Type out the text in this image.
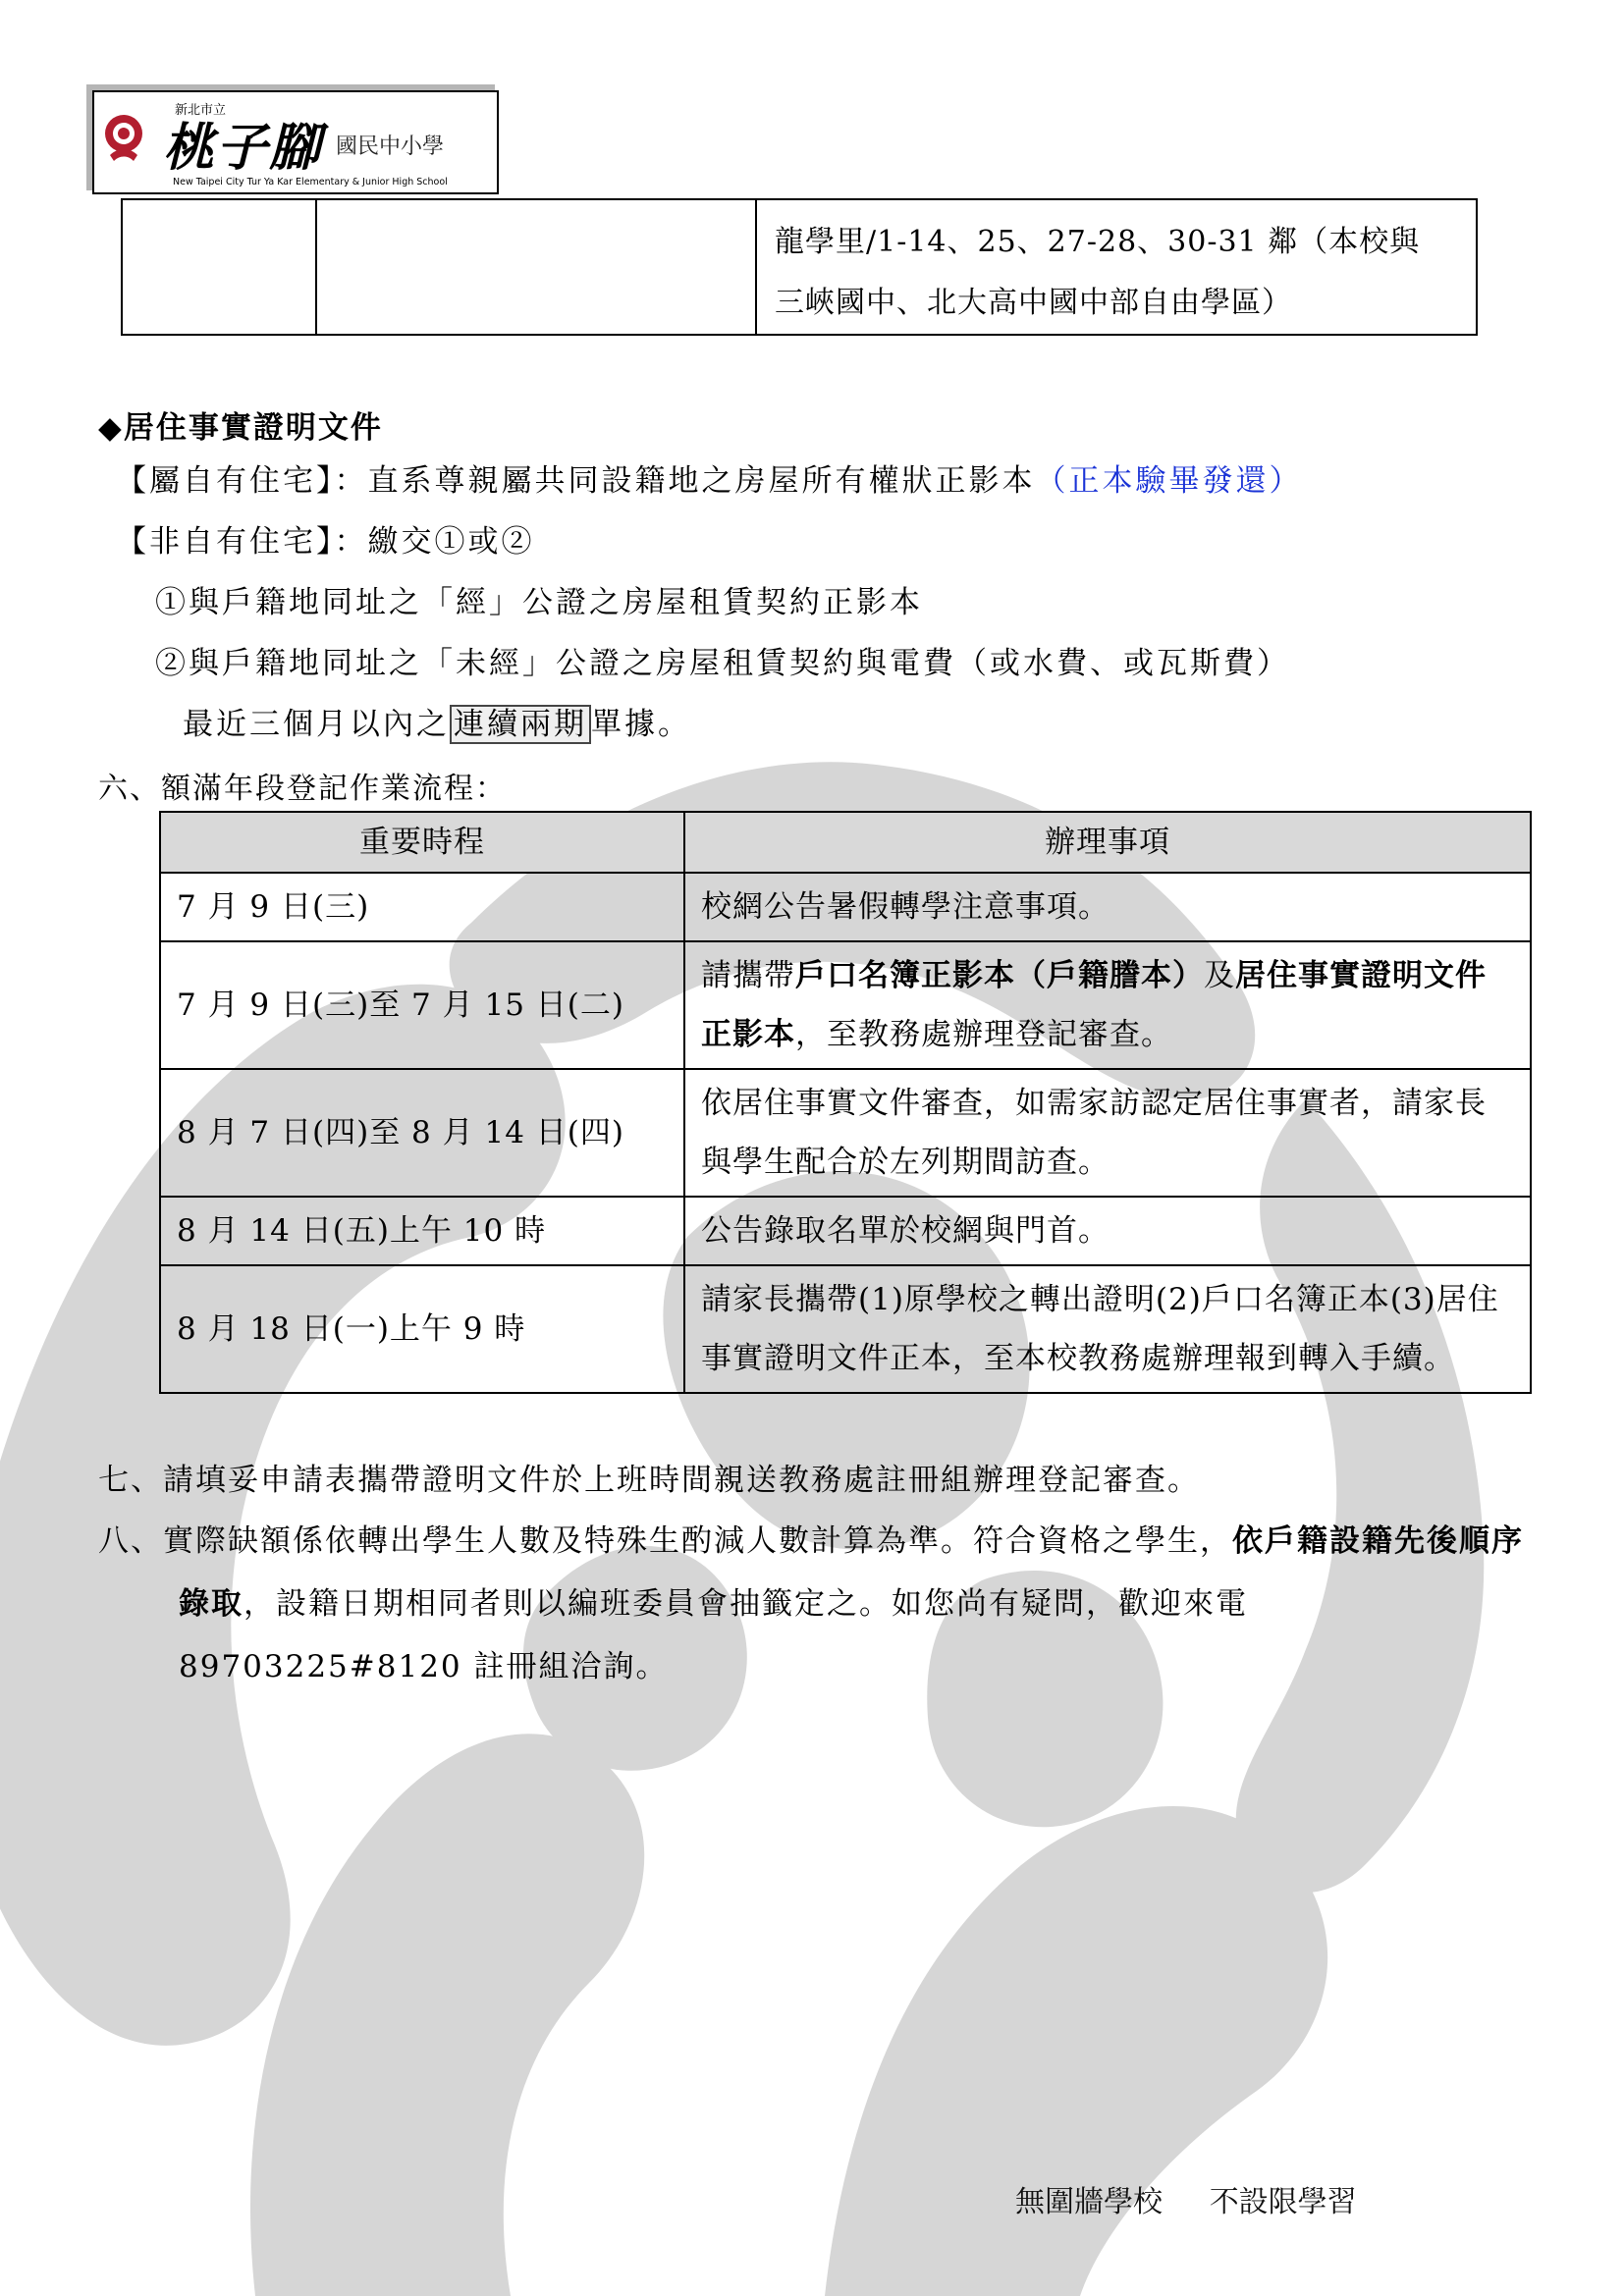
新北市立
桃子腳 國民中小學
New Taipei City Tur Ya Kar Elementary & Junior High School

龍學里/1-14、25、27-28、30-31 鄰（本校與
三峽國中、北大高中國中部自由學區）
◆居住事實證明文件
【屬自有住宅】：直系尊親屬共同設籍地之房屋所有權狀正影本（正本驗畢發還）
【非自有住宅】：繳交①或②
①與戶籍地同址之「經」公證之房屋租賃契約正影本
②與戶籍地同址之「未經」公證之房屋租賃契約與電費（或水費、或瓦斯費）
最近三個月以內之 連續兩期 單據。
六、額滿年段登記作業流程：
重要時程	辦理事項
7 月 9 日(三)	校網公告暑假轉學注意事項。
7 月 9 日(三)至 7 月 15 日(二)	請攜帶戶口名簿正影本（戶籍謄本）及居住事實證明文件正影本，至教務處辦理登記審查。
8 月 7 日(四)至 8 月 14 日(四)	依居住事實文件審查，如需家訪認定居住事實者，請家長與學生配合於左列期間訪查。
8 月 14 日(五)上午 10 時	公告錄取名單於校網與門首。
8 月 18 日(一)上午 9 時	請家長攜帶(1)原學校之轉出證明(2)戶口名簿正本(3)居住事實證明文件正本，至本校教務處辦理報到轉入手續。
七、請填妥申請表攜帶證明文件於上班時間親送教務處註冊組辦理登記審查。
八、實際缺額係依轉出學生人數及特殊生酌減人數計算為準。符合資格之學生，依戶籍設籍先後順序錄取，設籍日期相同者則以編班委員會抽籤定之。如您尚有疑問，歡迎來電 89703225#8120 註冊組洽詢。
無圍牆學校 不設限學習
